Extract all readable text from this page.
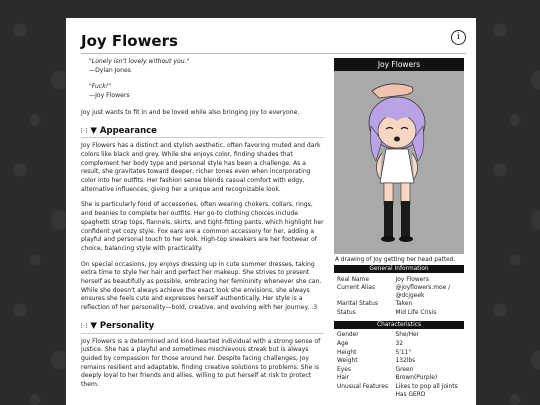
Joy Flowers	i
"Lonely isn't lovely without you."
—Dylan Jones
"Fuck!"
—Joy Flowers
Joy just wants to fit in and be loved while also bringing joy to everyone.
[–] ▼ Appearance
Joy Flowers has a distinct and stylish aesthetic, often favoring muted and dark colors like black and grey. While she enjoys color, finding shades that complement her body type and personal style has been a challenge. As a result, she gravitates toward deeper, richer tones even when incorporating color into her outfits. Her fashion sense blends casual comfort with edgy, alternative influences, giving her a unique and recognizable look.
She is particularly fond of accessories, often wearing chokers, collars, rings, and beanies to complete her outfits. Her go-to clothing choices include spaghetti strap tops, flannels, skirts, and tight-fitting pants, which highlight her confident yet cozy style. Fox ears are a common accessory for her, adding a playful and personal touch to her look. High-top sneakers are her footwear of choice, balancing style with practicality.
On special occasions, Joy enjoys dressing up in cute summer dresses, taking extra time to style her hair and perfect her makeup. She strives to present herself as beautifully as possible, embracing her femininity whenever she can. While she doesn't always achieve the exact look she envisions, she always ensures she feels cute and expresses herself authentically. Her style is a reflection of her personality—bold, creative, and evolving with her journey. :3
[–] ▼ Personality
Joy Flowers is a determined and kind-hearted individual with a strong sense of justice. She has a playful and sometimes mischievous streak but is always guided by compassion for those around her. Despite facing challenges, Joy remains resilient and adaptable, finding creative solutions to problems. She is deeply loyal to her friends and allies, willing to put herself at risk to protect them.
Joy Flowers
A drawing of Joy getting her head patted.
General Information
Real Name	Joy Flowers
Current Alias	@joyflowers.moe / @dcjgeek
Marital Status	Taken
Status	Mid Life Crisis
Characteristics
Gender	She/Her
Age	32
Height	5'11"
Weight	132lbs
Eyes	Green
Hair	Brown(Purple)
Unusual Features	Likes to pop all joints Has GERD
